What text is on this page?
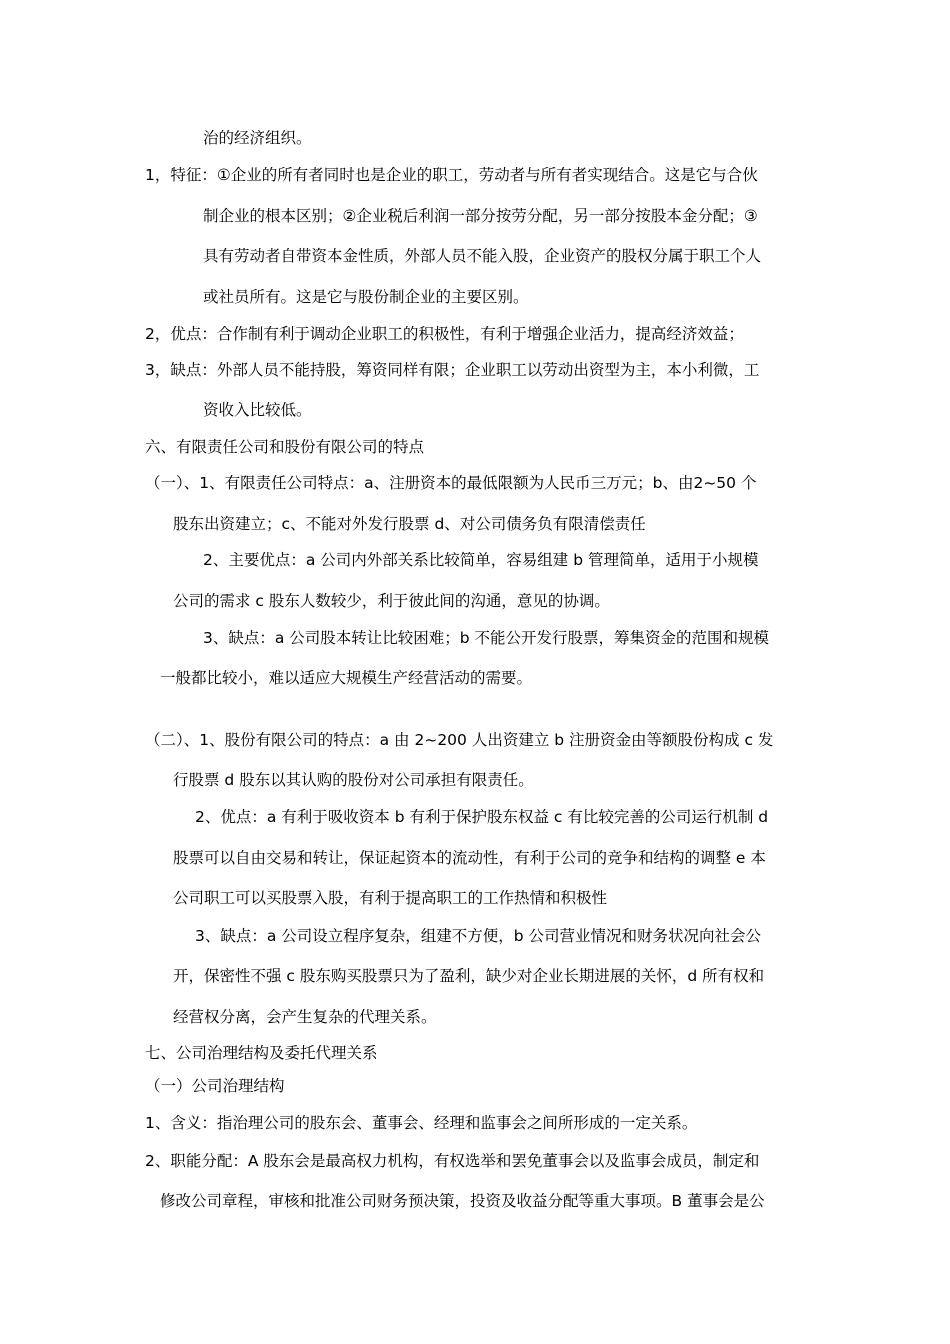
治的经济组织。
1，特征：①企业的所有者同时也是企业的职工，劳动者与所有者实现结合。这是它与合伙
制企业的根本区别；②企业税后利润一部分按劳分配，另一部分按股本金分配；③
具有劳动者自带资本金性质，外部人员不能入股，企业资产的股权分属于职工个人
或社员所有。这是它与股份制企业的主要区别。
2，优点：合作制有利于调动企业职工的积极性，有利于增强企业活力，提高经济效益；
3，缺点：外部人员不能持股，筹资同样有限；企业职工以劳动出资型为主，本小利微，工
资收入比较低。
六、有限责任公司和股份有限公司的特点
（一）、1、有限责任公司特点：a、注册资本的最低限额为人民币三万元；b、由2~50 个
股东出资建立；c、不能对外发行股票 d、对公司债务负有限清偿责任
2、主要优点：a 公司内外部关系比较简单，容易组建 b 管理简单，适用于小规模
公司的需求 c 股东人数较少，利于彼此间的沟通，意见的协调。
3、缺点：a 公司股本转让比较困难；b 不能公开发行股票，筹集资金的范围和规模
一般都比较小，难以适应大规模生产经营活动的需要。
（二）、1、股份有限公司的特点：a 由 2~200 人出资建立 b 注册资金由等额股份构成 c 发
行股票 d 股东以其认购的股份对公司承担有限责任。
2、优点：a 有利于吸收资本 b 有利于保护股东权益 c 有比较完善的公司运行机制 d
股票可以自由交易和转让，保证起资本的流动性，有利于公司的竞争和结构的调整 e 本
公司职工可以买股票入股，有利于提高职工的工作热情和积极性
3、缺点：a 公司设立程序复杂，组建不方便，b 公司营业情况和财务状况向社会公
开，保密性不强 c 股东购买股票只为了盈利，缺少对企业长期进展的关怀，d 所有权和
经营权分离，会产生复杂的代理关系。
七、公司治理结构及委托代理关系
（一）公司治理结构
1、含义：指治理公司的股东会、董事会、经理和监事会之间所形成的一定关系。
2、职能分配：A 股东会是最高权力机构，有权选举和罢免董事会以及监事会成员，制定和
修改公司章程，审核和批准公司财务预决策，投资及收益分配等重大事项。B 董事会是公
